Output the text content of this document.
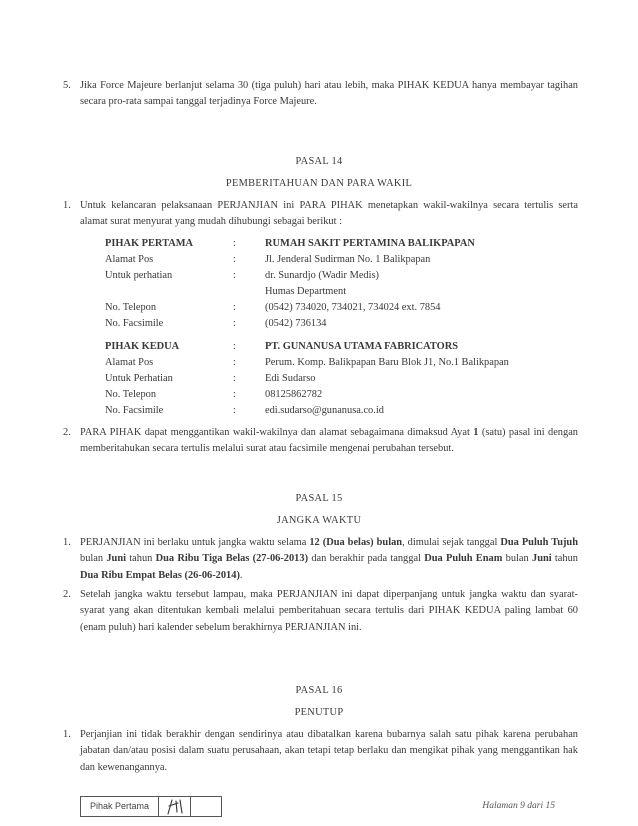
5. Jika Force Majeure berlanjut selama 30 (tiga puluh) hari atau lebih, maka PIHAK KEDUA hanya membayar tagihan secara pro-rata sampai tanggal terjadinya Force Majeure.
PASAL 14
PEMBERITAHUAN DAN PARA WAKIL
1. Untuk kelancaran pelaksanaan PERJANJIAN ini PARA PIHAK menetapkan wakil-wakilnya secara tertulis serta alamat surat menyurat yang mudah dihubungi sebagai berikut :
PIHAK PERTAMA	:	RUMAH SAKIT PERTAMINA BALIKPAPAN
Alamat Pos	:	Jl. Jenderal Sudirman No. 1 Balikpapan
Untuk perhatian	:	dr. Sunardjo (Wadir Medis)
Humas Department
No. Telepon	:	(0542) 734020, 734021, 734024 ext. 7854
No. Facsimile	:	(0542) 736134
PIHAK KEDUA	:	PT. GUNANUSA UTAMA FABRICATORS
Alamat Pos	:	Perum. Komp. Balikpapan Baru Blok J1, No.1 Balikpapan
Untuk Perhatian	:	Edi Sudarso
No. Telepon	:	08125862782
No. Facsimile	:	edi.sudarso@gunanusa.co.id
2. PARA PIHAK dapat menggantikan wakil-wakilnya dan alamat sebagaimana dimaksud Ayat 1 (satu) pasal ini dengan memberitahukan secara tertulis melalui surat atau facsimile mengenai perubahan tersebut.
PASAL 15
JANGKA WAKTU
1. PERJANJIAN ini berlaku untuk jangka waktu selama 12 (Dua belas) bulan, dimulai sejak tanggal Dua Puluh Tujuh bulan Juni tahun Dua Ribu Tiga Belas (27-06-2013) dan berakhir pada tanggal Dua Puluh Enam bulan Juni tahun Dua Ribu Empat Belas (26-06-2014).
2. Setelah jangka waktu tersebut lampau, maka PERJANJIAN ini dapat diperpanjang untuk jangka waktu dan syarat-syarat yang akan ditentukan kembali melalui pemberitahuan secara tertulis dari PIHAK KEDUA paling lambat 60 (enam puluh) hari kalender sebelum berakhirnya PERJANJIAN ini.
PASAL 16
PENUTUP
1. Perjanjian ini tidak berakhir dengan sendirinya atau dibatalkan karena bubarnya salah satu pihak karena perubahan jabatan dan/atau posisi dalam suatu perusahaan, akan tetapi tetap berlaku dan mengikat pihak yang menggantikan hak dan kewenangannya.
Pihak Pertama	Halaman 9 dari 15
